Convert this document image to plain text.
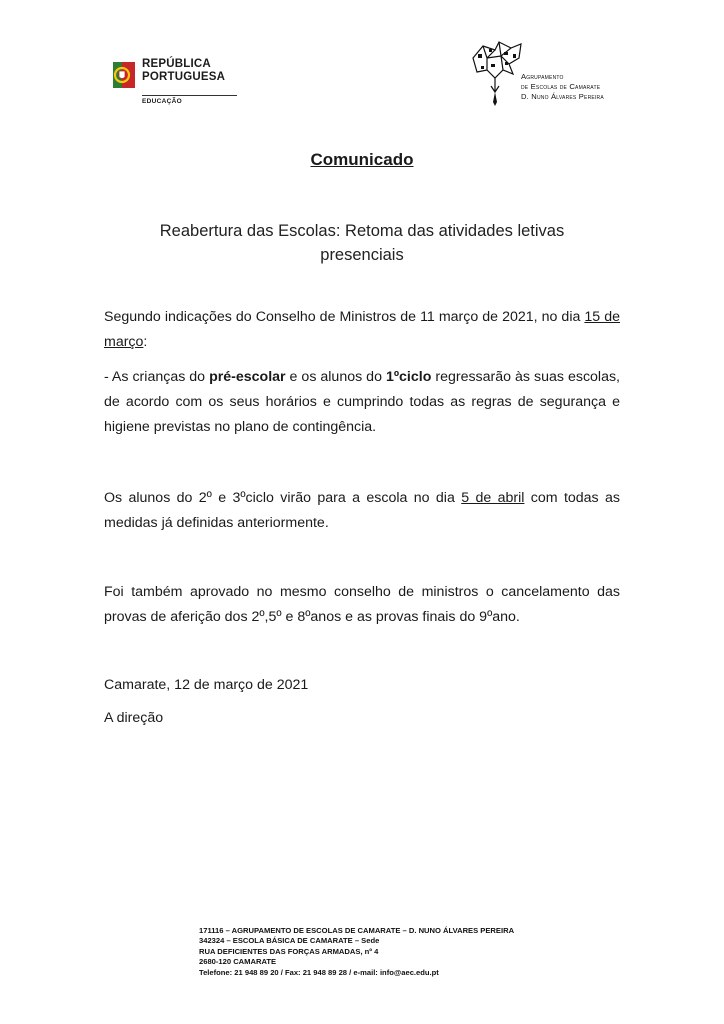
REPÚBLICA
PORTUGUESA
EDUCAÇÃO
Agrupamento
de Escolas de Camarate
D. Nuno Álvares Pereira
Comunicado
Reabertura das Escolas: Retoma das atividades letivas presenciais

Segundo indicações do Conselho de Ministros de 11 março de 2021, no dia 15 de março:

- As crianças do pré-escolar e os alunos do 1ºciclo regressarão às suas escolas, de acordo com os seus horários e cumprindo todas as regras de segurança e higiene previstas no plano de contingência.

Os alunos do 2º e 3ºciclo virão para a escola no dia 5 de abril com todas as medidas já definidas anteriormente.

Foi também aprovado no mesmo conselho de ministros o cancelamento das provas de aferição dos 2º,5º e 8ºanos e as provas finais do 9ºano.

Camarate, 12 de março de 2021

A direção

171116 – AGRUPAMENTO DE ESCOLAS DE CAMARATE – D. NUNO ÁLVARES PEREIRA
342324 – ESCOLA BÁSICA DE CAMARATE – Sede
RUA DEFICIENTES DAS FORÇAS ARMADAS, nº 4
2680-120 CAMARATE
Telefone: 21 948 89 20 / Fax: 21 948 89 28 / e-mail: info@aec.edu.pt
